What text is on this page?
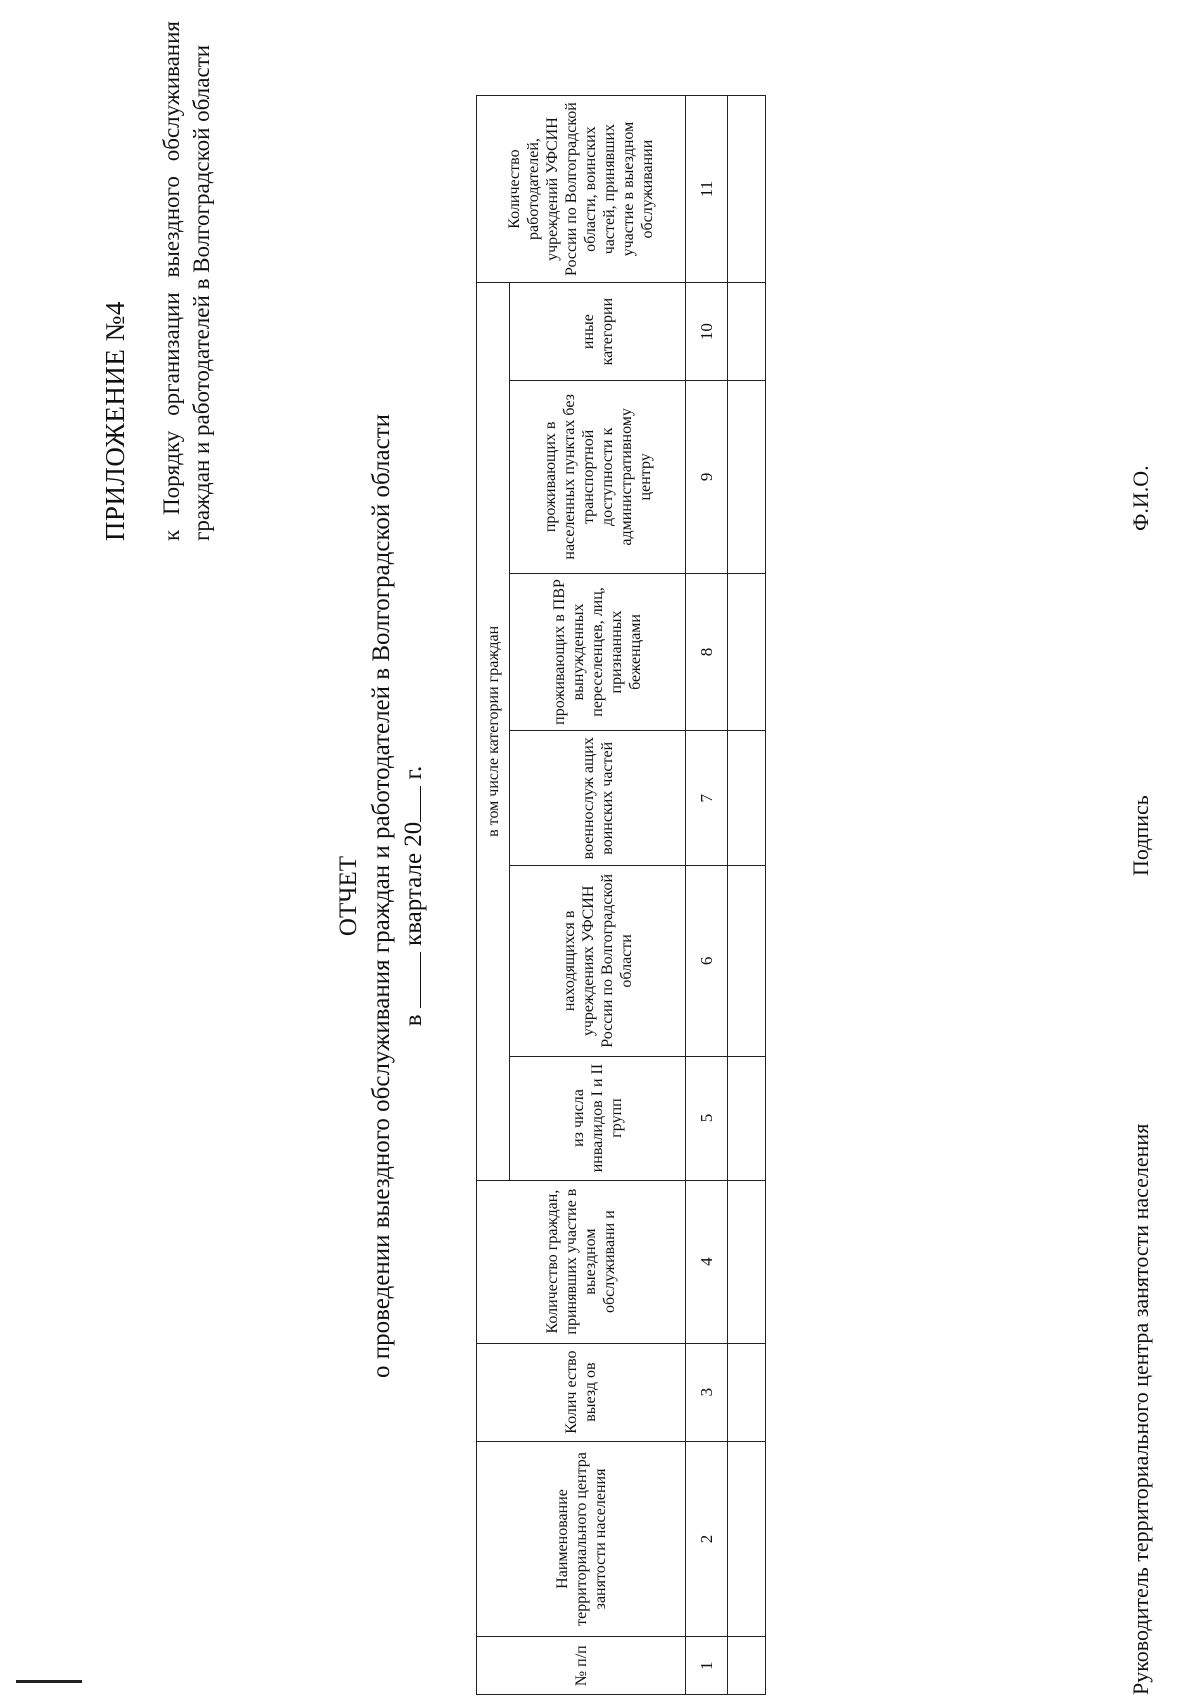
ПРИЛОЖЕНИЕ №4 к Порядку организации выездного обслуживания граждан и работодателей в Волгоградской области
ОТЧЕТ о проведении выездного обслуживания граждан и работодателей в Волгоградской области в  квартале 20 г.
№ п/п	Наименование территориального центра занятости населения	Колич ество выезд ов	Количество граждан, принявших участие в выездном обслуживани и	в том числе категории граждан						Количество работодателей, учреждений УФСИН России по Волгоградской области, воинских частей, принявших участие в выездном обслуживании
				из числа инвалидов I и II групп	находящихся в учреждениях УФСИН России по Волгоградской области	военнослуж ащих воинских частей	проживающих в ПВР вынужденных переселенцев, лиц, признанных беженцами	проживающих в населенных пунктах без транспортной доступности к административному центру	иные категории	
1	2	3	4	5	6	7	8	9	10	11

Руководитель территориального центра занятости населения
Подпись
Ф.И.О.
